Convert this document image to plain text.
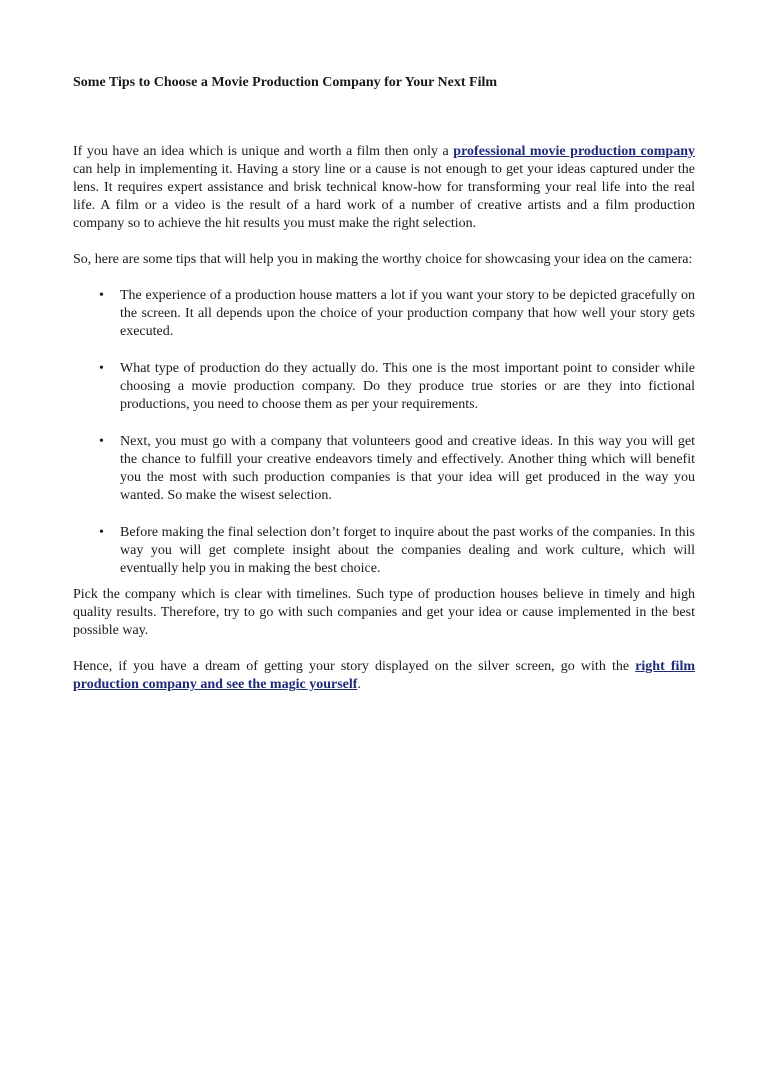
Some Tips to Choose a Movie Production Company for Your Next Film

If you have an idea which is unique and worth a film then only a professional movie production company can help in implementing it. Having a story line or a cause is not enough to get your ideas captured under the lens. It requires expert assistance and brisk technical know-how for transforming your real life into the real life. A film or a video is the result of a hard work of a number of creative artists and a film production company so to achieve the hit results you must make the right selection.

So, here are some tips that will help you in making the worthy choice for showcasing your idea on the camera:

• The experience of a production house matters a lot if you want your story to be depicted gracefully on the screen. It all depends upon the choice of your production company that how well your story gets executed.
• What type of production do they actually do. This one is the most important point to consider while choosing a movie production company. Do they produce true stories or are they into fictional productions, you need to choose them as per your requirements.
• Next, you must go with a company that volunteers good and creative ideas. In this way you will get the chance to fulfill your creative endeavors timely and effectively. Another thing which will benefit you the most with such production companies is that your idea will get produced in the way you wanted. So make the wisest selection.
• Before making the final selection don’t forget to inquire about the past works of the companies. In this way you will get complete insight about the companies dealing and work culture, which will eventually help you in making the best choice.

Pick the company which is clear with timelines. Such type of production houses believe in timely and high quality results. Therefore, try to go with such companies and get your idea or cause implemented in the best possible way.

Hence, if you have a dream of getting your story displayed on the silver screen, go with the right film production company and see the magic yourself.
